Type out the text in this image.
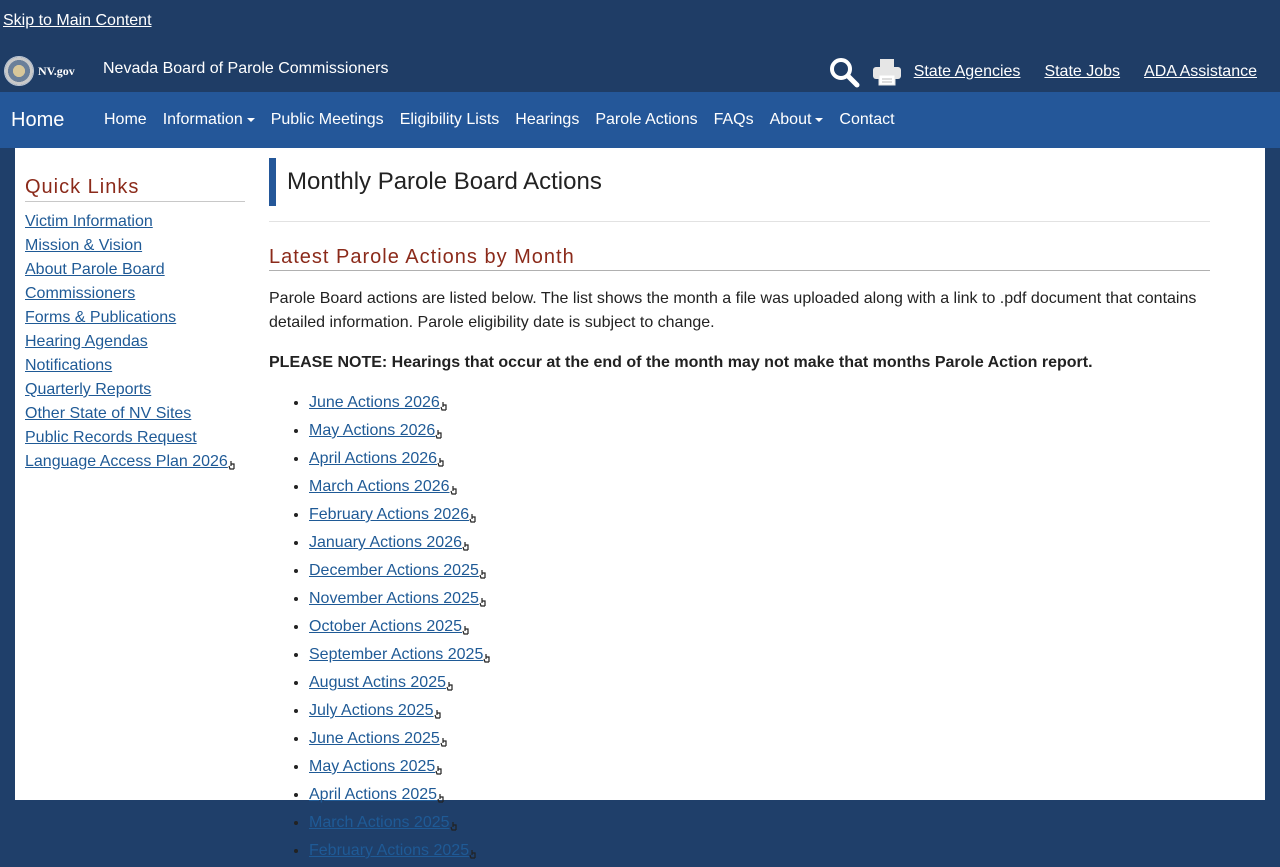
Skip to Main Content
NV.gov Nevada Board of Parole Commissioners	State Agencies State Jobs ADA Assistance
Home Home Information Public Meetings Eligibility Lists Hearings Parole Actions FAQs About Contact
Quick Links
Victim Information
Mission & Vision
About Parole Board
Commissioners
Forms & Publications
Hearing Agendas
Notifications
Quarterly Reports
Other State of NV Sites
Public Records Request
Language Access Plan 2026
Monthly Parole Board Actions
Latest Parole Actions by Month

Parole Board actions are listed below. The list shows the month a file was uploaded along with a link to .pdf document that contains detailed information. Parole eligibility date is subject to change.

PLEASE NOTE: Hearings that occur at the end of the month may not make that months Parole Action report.

• June Actions 2026
• May Actions 2026
• April Actions 2026
• March Actions 2026
• February Actions 2026
• January Actions 2026
• December Actions 2025
• November Actions 2025
• October Actions 2025
• September Actions 2025
• August Actins 2025
• July Actions 2025
• June Actions 2025
• May Actions 2025
• April Actions 2025
• March Actions 2025
• February Actions 2025
